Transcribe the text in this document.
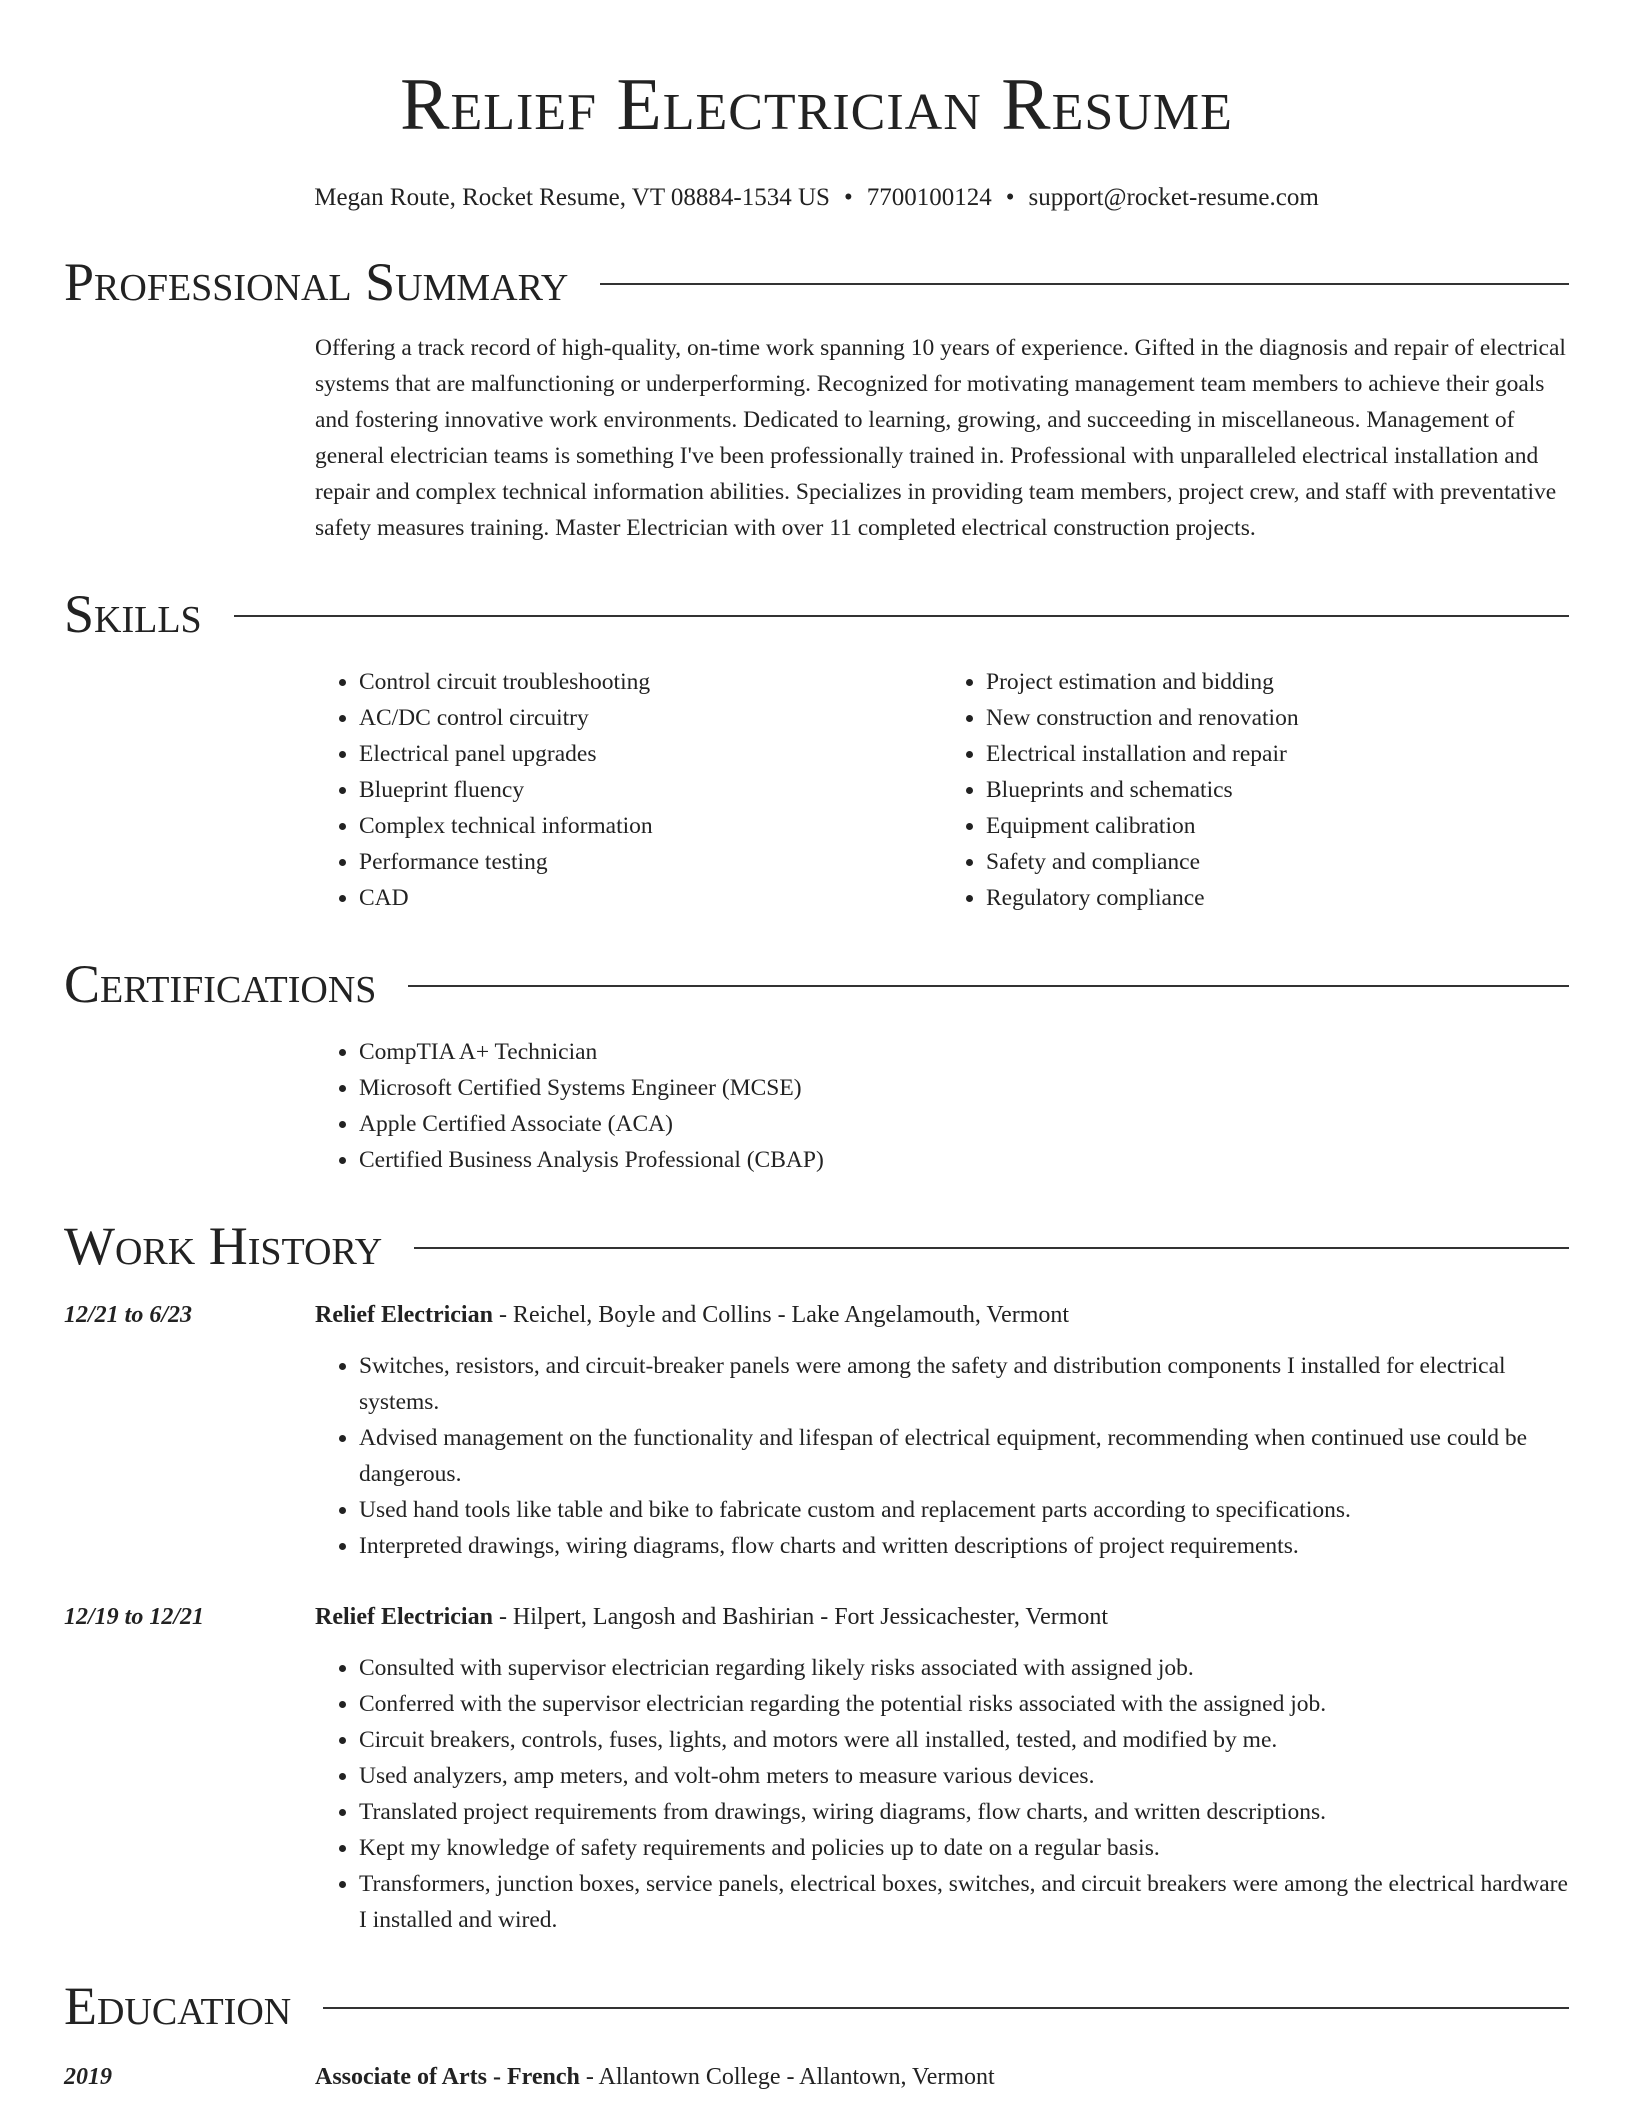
Relief Electrician Resume
Megan Route, Rocket Resume, VT 08884-1534 US • 7700100124 • support@rocket-resume.com
Professional Summary
Offering a track record of high-quality, on-time work spanning 10 years of experience. Gifted in the diagnosis and repair of electrical systems that are malfunctioning or underperforming. Recognized for motivating management team members to achieve their goals and fostering innovative work environments. Dedicated to learning, growing, and succeeding in miscellaneous. Management of general electrician teams is something I've been professionally trained in. Professional with unparalleled electrical installation and repair and complex technical information abilities. Specializes in providing team members, project crew, and staff with preventative safety measures training. Master Electrician with over 11 completed electrical construction projects.
Skills
• Control circuit troubleshooting
• AC/DC control circuitry
• Electrical panel upgrades
• Blueprint fluency
• Complex technical information
• Performance testing
• CAD
• Project estimation and bidding
• New construction and renovation
• Electrical installation and repair
• Blueprints and schematics
• Equipment calibration
• Safety and compliance
• Regulatory compliance
Certifications
• CompTIA A+ Technician
• Microsoft Certified Systems Engineer (MCSE)
• Apple Certified Associate (ACA)
• Certified Business Analysis Professional (CBAP)
Work History
12/21 to 6/23	Relief Electrician - Reichel, Boyle and Collins - Lake Angelamouth, Vermont
• Switches, resistors, and circuit-breaker panels were among the safety and distribution components I installed for electrical systems.
• Advised management on the functionality and lifespan of electrical equipment, recommending when continued use could be dangerous.
• Used hand tools like table and bike to fabricate custom and replacement parts according to specifications.
• Interpreted drawings, wiring diagrams, flow charts and written descriptions of project requirements.
12/19 to 12/21	Relief Electrician - Hilpert, Langosh and Bashirian - Fort Jessicachester, Vermont
• Consulted with supervisor electrician regarding likely risks associated with assigned job.
• Conferred with the supervisor electrician regarding the potential risks associated with the assigned job.
• Circuit breakers, controls, fuses, lights, and motors were all installed, tested, and modified by me.
• Used analyzers, amp meters, and volt-ohm meters to measure various devices.
• Translated project requirements from drawings, wiring diagrams, flow charts, and written descriptions.
• Kept my knowledge of safety requirements and policies up to date on a regular basis.
• Transformers, junction boxes, service panels, electrical boxes, switches, and circuit breakers were among the electrical hardware I installed and wired.
Education
2019	Associate of Arts - French - Allantown College - Allantown, Vermont
